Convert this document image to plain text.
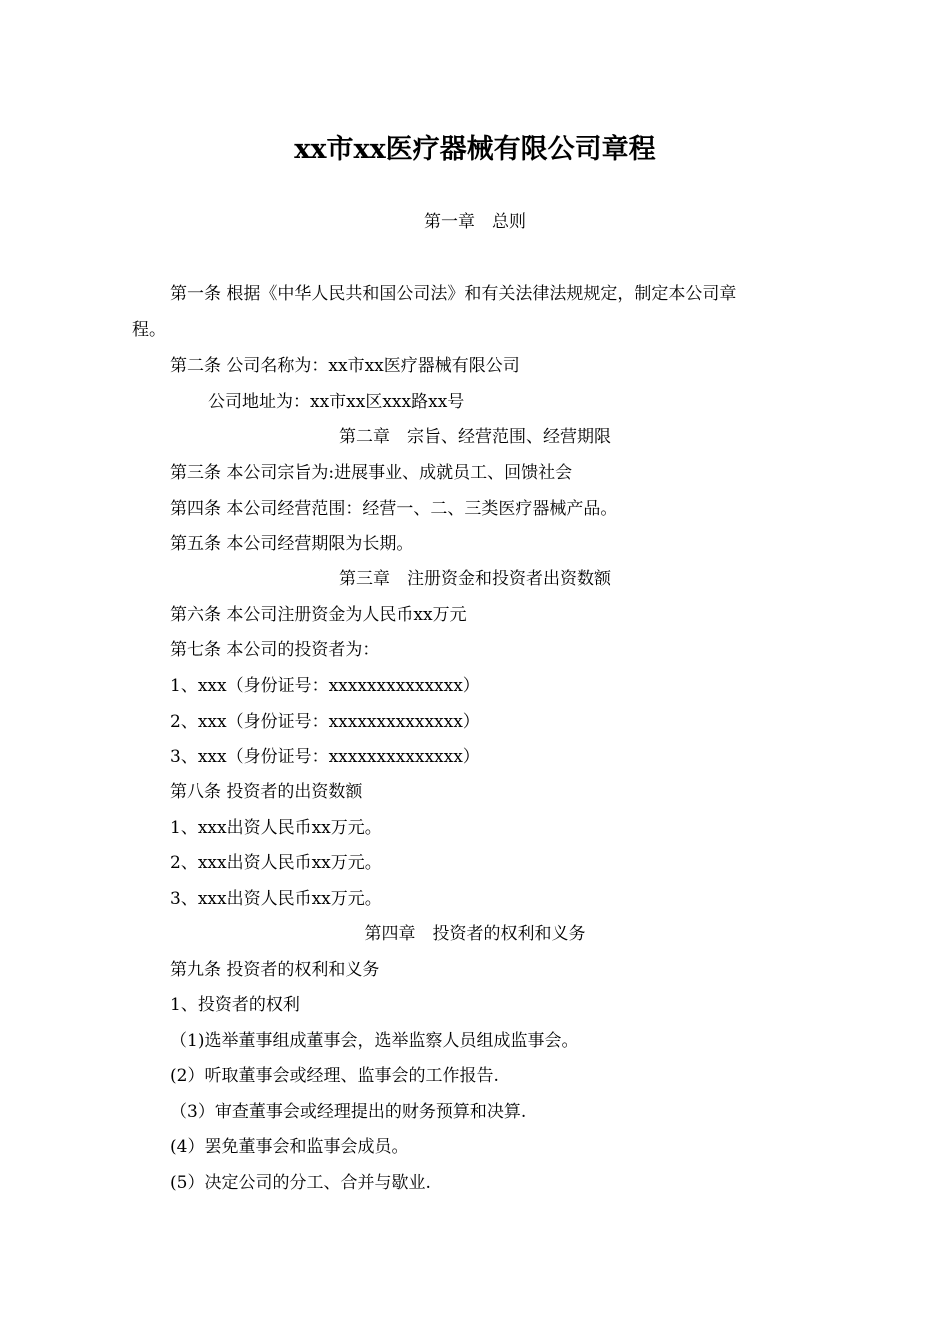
xx市xx医疗器械有限公司章程
第一章　总则
第一条 根据《中华人民共和国公司法》和有关法律法规规定，制定本公司章
程。
第二条 公司名称为：xx市xx医疗器械有限公司
公司地址为：xx市xx区xxx路xx号
第二章　宗旨、经营范围、经营期限
第三条 本公司宗旨为:进展事业、成就员工、回馈社会
第四条 本公司经营范围：经营一、二、三类医疗器械产品。
第五条 本公司经营期限为长期。
第三章　注册资金和投资者出资数额
第六条 本公司注册资金为人民币xx万元
第七条 本公司的投资者为：
1、xxx（身份证号：xxxxxxxxxxxxxx）
2、xxx（身份证号：xxxxxxxxxxxxxx）
3、xxx（身份证号：xxxxxxxxxxxxxx）
第八条 投资者的出资数额
1、xxx出资人民币xx万元。
2、xxx出资人民币xx万元。
3、xxx出资人民币xx万元。
第四章　投资者的权利和义务
第九条 投资者的权利和义务
1、投资者的权利
（1)选举董事组成董事会，选举监察人员组成监事会。
(2）听取董事会或经理、监事会的工作报告.
（3）审查董事会或经理提出的财务预算和决算.
(4）罢免董事会和监事会成员。
(5）决定公司的分工、合并与歇业.
